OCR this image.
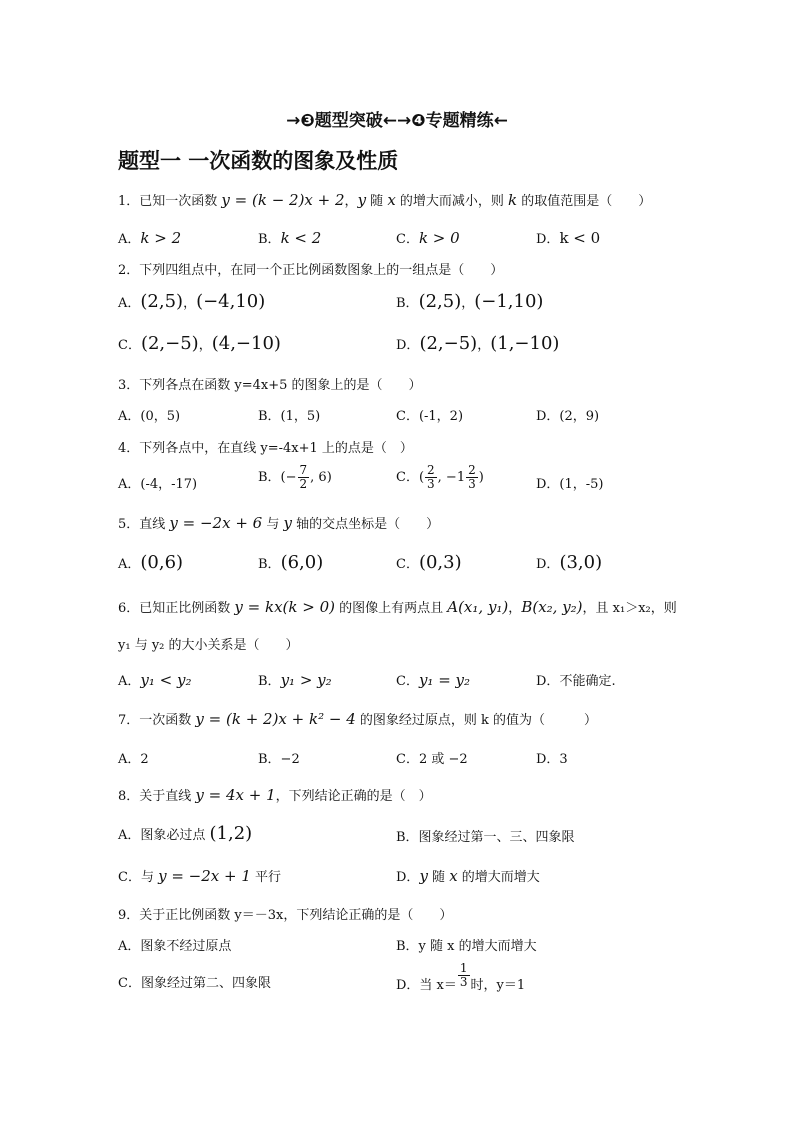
→❸题型突破←→❹专题精练←
题型一 一次函数的图象及性质
1．已知一次函数 y = (k − 2)x + 2，y 随 x 的增大而减小，则 k 的取值范围是（　　）
A．k > 2	B．k < 2	C．k > 0	D．k < 0
2．下列四组点中，在同一个正比例函数图象上的一组点是（　　）
A．(2,5)，(−4,10)	B．(2,5)，(−1,10)
C．(2,−5)，(4,−10)	D．(2,−5)，(1,−10)
3．下列各点在函数 y=4x+5 的图象上的是（　　）
A．(0，5)	B．(1，5)	C．(-1，2)	D．(2，9)
4．下列各点中，在直线 y=-4x+1 上的点是（　）
A．(-4，-17)	B．(− $\frac{7}{2}$ , 6)	C．( $\frac{2}{3}$ , $-1 \frac{2}{3}$ )	D．(1，-5)
5．直线 y = −2x + 6 与 y 轴的交点坐标是（　　）
A．(0,6)	B．(6,0)	C．(0,3)	D．(3,0)
6．已知正比例函数 y = kx(k > 0) 的图像上有两点且 A(x₁, y₁)，B(x₂, y₂)，且 x₁＞x₂，则
y₁ 与 y₂ 的大小关系是（　　）
A．y₁ < y₂	B．y₁ > y₂	C．y₁ = y₂	D．不能确定.
7．一次函数 y = (k + 2)x + k² − 4 的图象经过原点，则 k 的值为（　　　）
A．2	B．−2	C．2 或 −2	D．3
8．关于直线 y = 4x + 1，下列结论正确的是（　）
A．图象必过点 (1,2)	B．图象经过第一、三、四象限
C．与 y = −2x + 1 平行	D．y 随 x 的增大而增大
9．关于正比例函数 y＝－3x，下列结论正确的是（　　）
A．图象不经过原点	B．y 随 x 的增大而增大
C．图象经过第二、四象限	D．当 $x= \frac{1}{3}$ 时，y＝1
